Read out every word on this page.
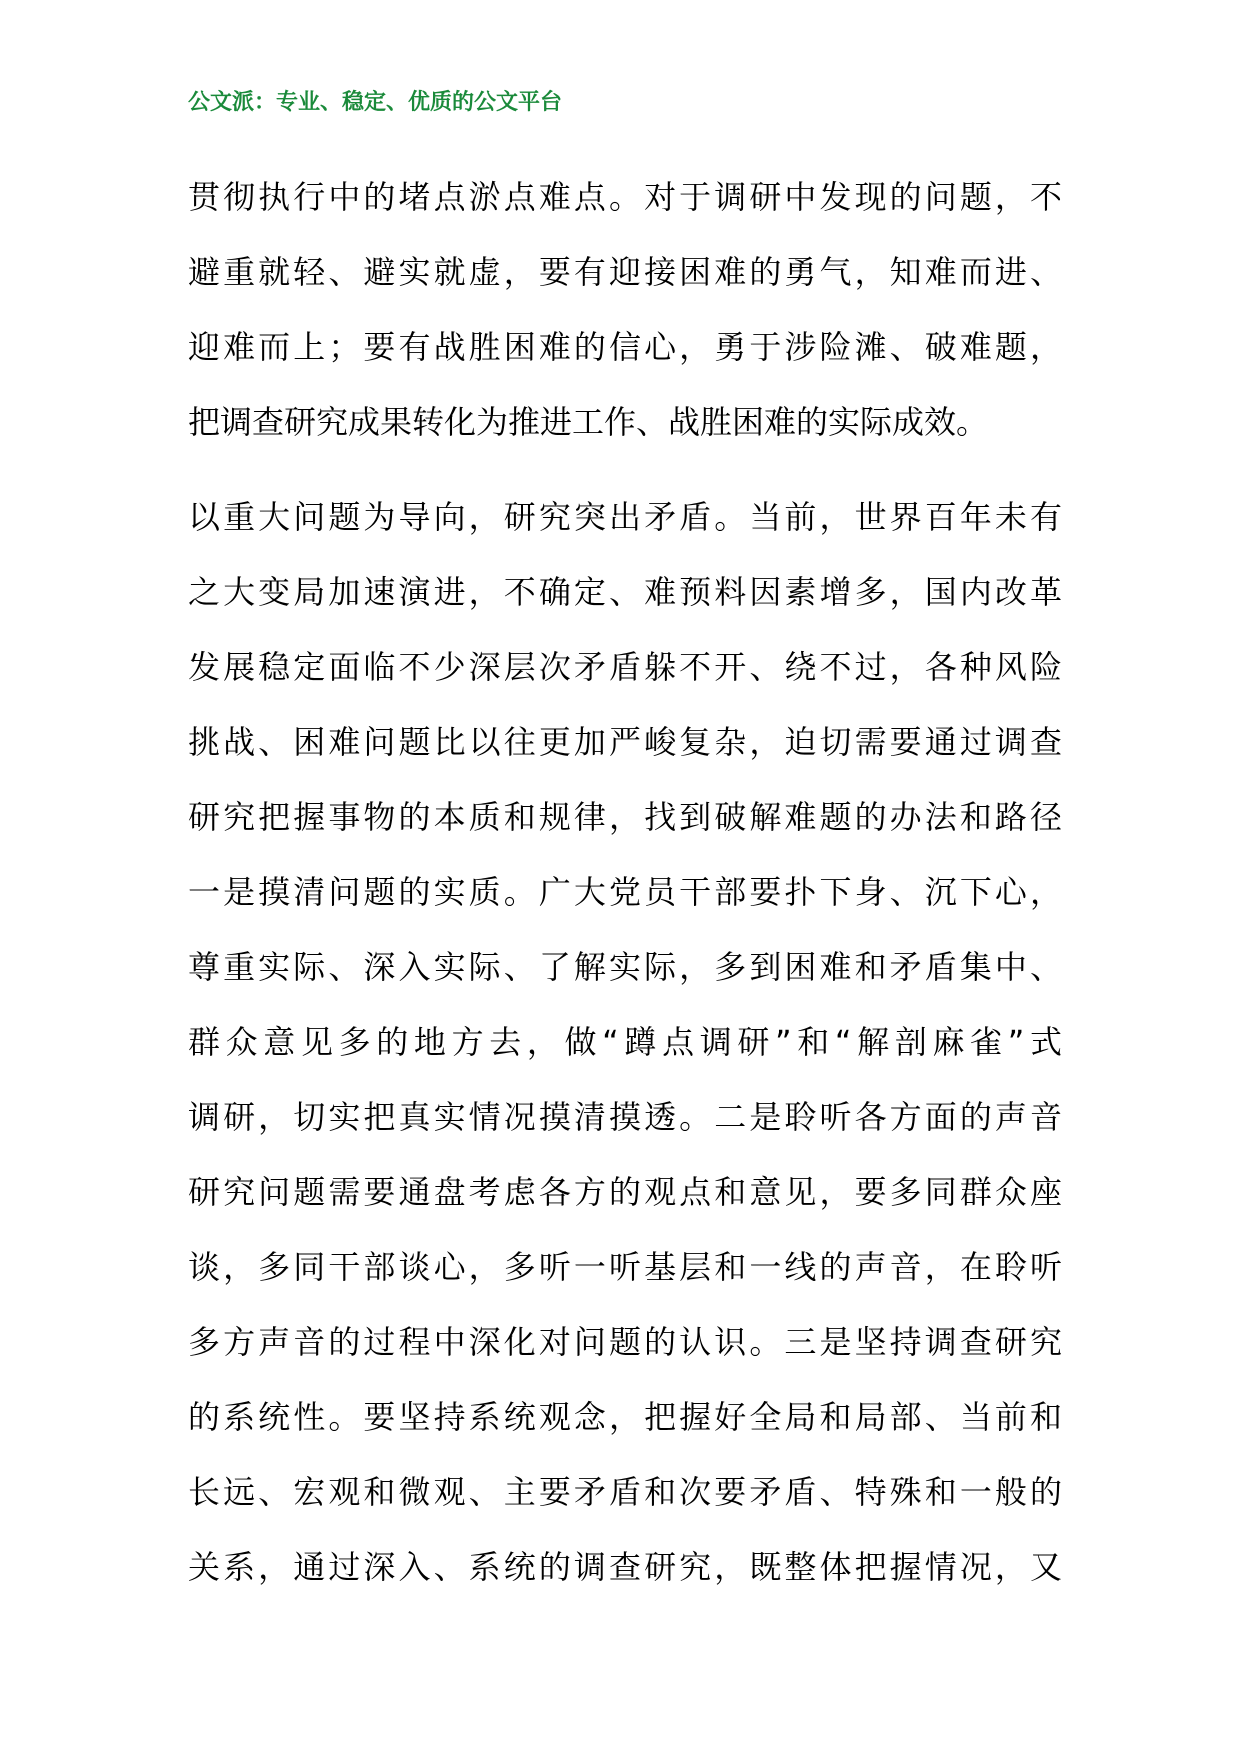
公文派：专业、稳定、优质的公文平台
贯彻执行中的堵点淤点难点。对于调研中发现的问题，不
避重就轻、避实就虚，要有迎接困难的勇气，知难而进、
迎难而上；要有战胜困难的信心，勇于涉险滩、破难题，
把调查研究成果转化为推进工作、战胜困难的实际成效。
以重大问题为导向，研究突出矛盾。当前，世界百年未有
之大变局加速演进，不确定、难预料因素增多，国内改革
发展稳定面临不少深层次矛盾躲不开、绕不过，各种风险
挑战、困难问题比以往更加严峻复杂，迫切需要通过调查
研究把握事物的本质和规律，找到破解难题的办法和路径
一是摸清问题的实质。广大党员干部要扑下身、沉下心，
尊重实际、深入实际、了解实际，多到困难和矛盾集中、
群众意见多的地方去，做“蹲点调研”和“解剖麻雀”式
调研，切实把真实情况摸清摸透。二是聆听各方面的声音
研究问题需要通盘考虑各方的观点和意见，要多同群众座
谈，多同干部谈心，多听一听基层和一线的声音，在聆听
多方声音的过程中深化对问题的认识。三是坚持调查研究
的系统性。要坚持系统观念，把握好全局和局部、当前和
长远、宏观和微观、主要矛盾和次要矛盾、特殊和一般的
关系，通过深入、系统的调查研究，既整体把握情况，又
